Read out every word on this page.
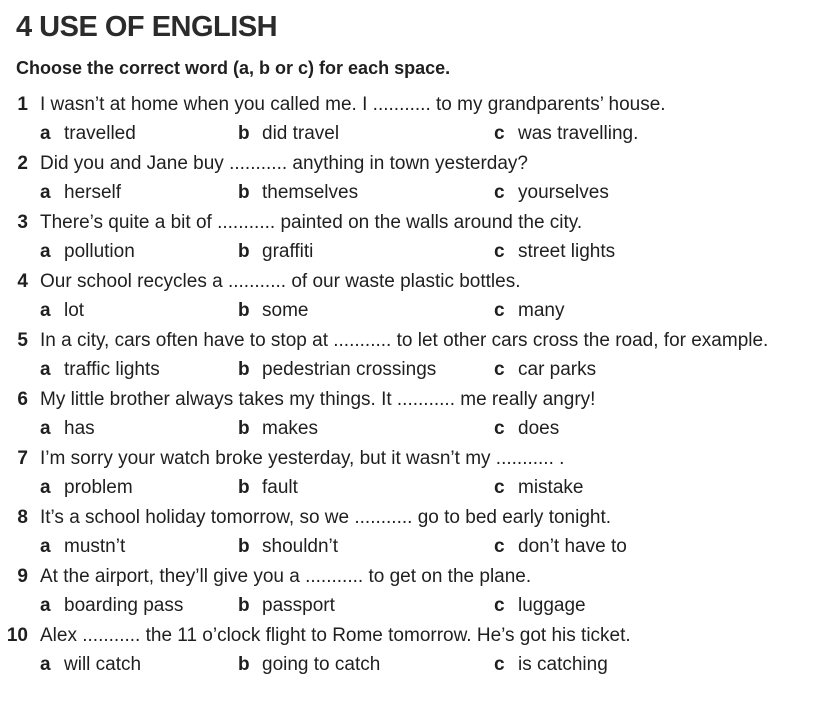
4 USE OF ENGLISH

Choose the correct word (a, b or c) for each space.

1 I wasn’t at home when you called me. I ........... to my grandparents’ house.
a travelled	b did travel	c was travelling.
2 Did you and Jane buy ........... anything in town yesterday?
a herself	b themselves	c yourselves
3 There’s quite a bit of ........... painted on the walls around the city.
a pollution	b graffiti	c street lights
4 Our school recycles a ........... of our waste plastic bottles.
a lot	b some	c many
5 In a city, cars often have to stop at ........... to let other cars cross the road, for example.
a traffic lights	b pedestrian crossings	c car parks
6 My little brother always takes my things. It ........... me really angry!
a has	b makes	c does
7 I’m sorry your watch broke yesterday, but it wasn’t my ........... .
a problem	b fault	c mistake
8 It’s a school holiday tomorrow, so we ........... go to bed early tonight.
a mustn’t	b shouldn’t	c don’t have to
9 At the airport, they’ll give you a ........... to get on the plane.
a boarding pass	b passport	c luggage
10 Alex ........... the 11 o’clock flight to Rome tomorrow. He’s got his ticket.
a will catch	b going to catch	c is catching
